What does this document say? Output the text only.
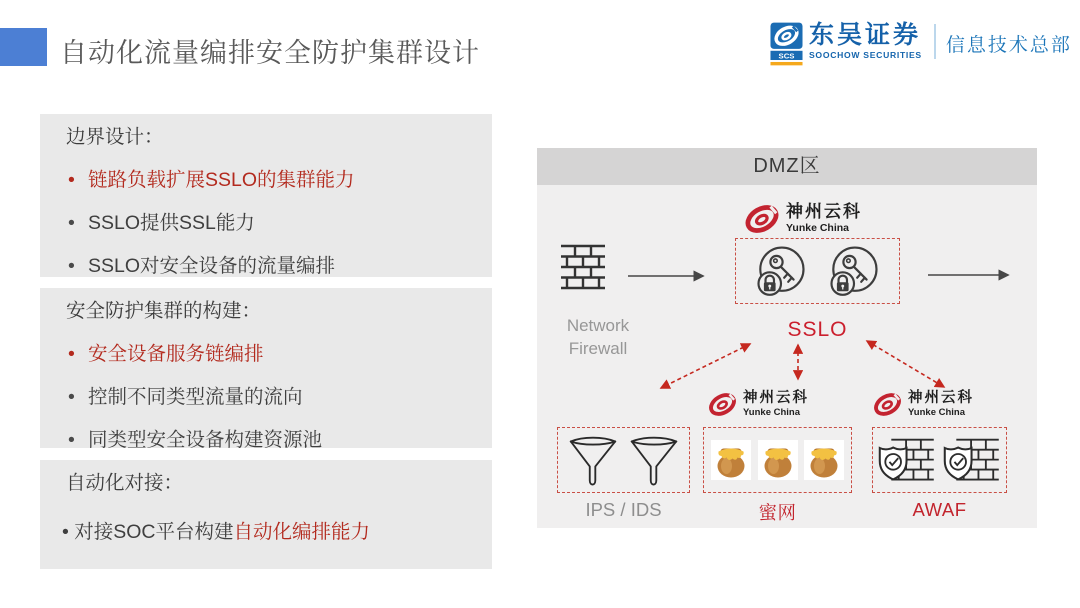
自动化流量编排安全防护集群设计	SCS
东吴证券
SOOCHOW SECURITIES 信息技术总部
边界设计：
• 链路负载扩展SSLO的集群能力
• SSLO提供SSL能力
• SSLO对安全设备的流量编排
安全防护集群的构建：
• 安全设备服务链编排
• 控制不同类型流量的流向
• 同类型安全设备构建资源池
自动化对接：

• 对接SOC平台构建自动化编排能力

DMZ区
Network
Firewall
神州云科
Yunke China
SSLO
神州云科
Yunke China
神州云科
Yunke China
IPS / IDS	蜜网	AWAF
